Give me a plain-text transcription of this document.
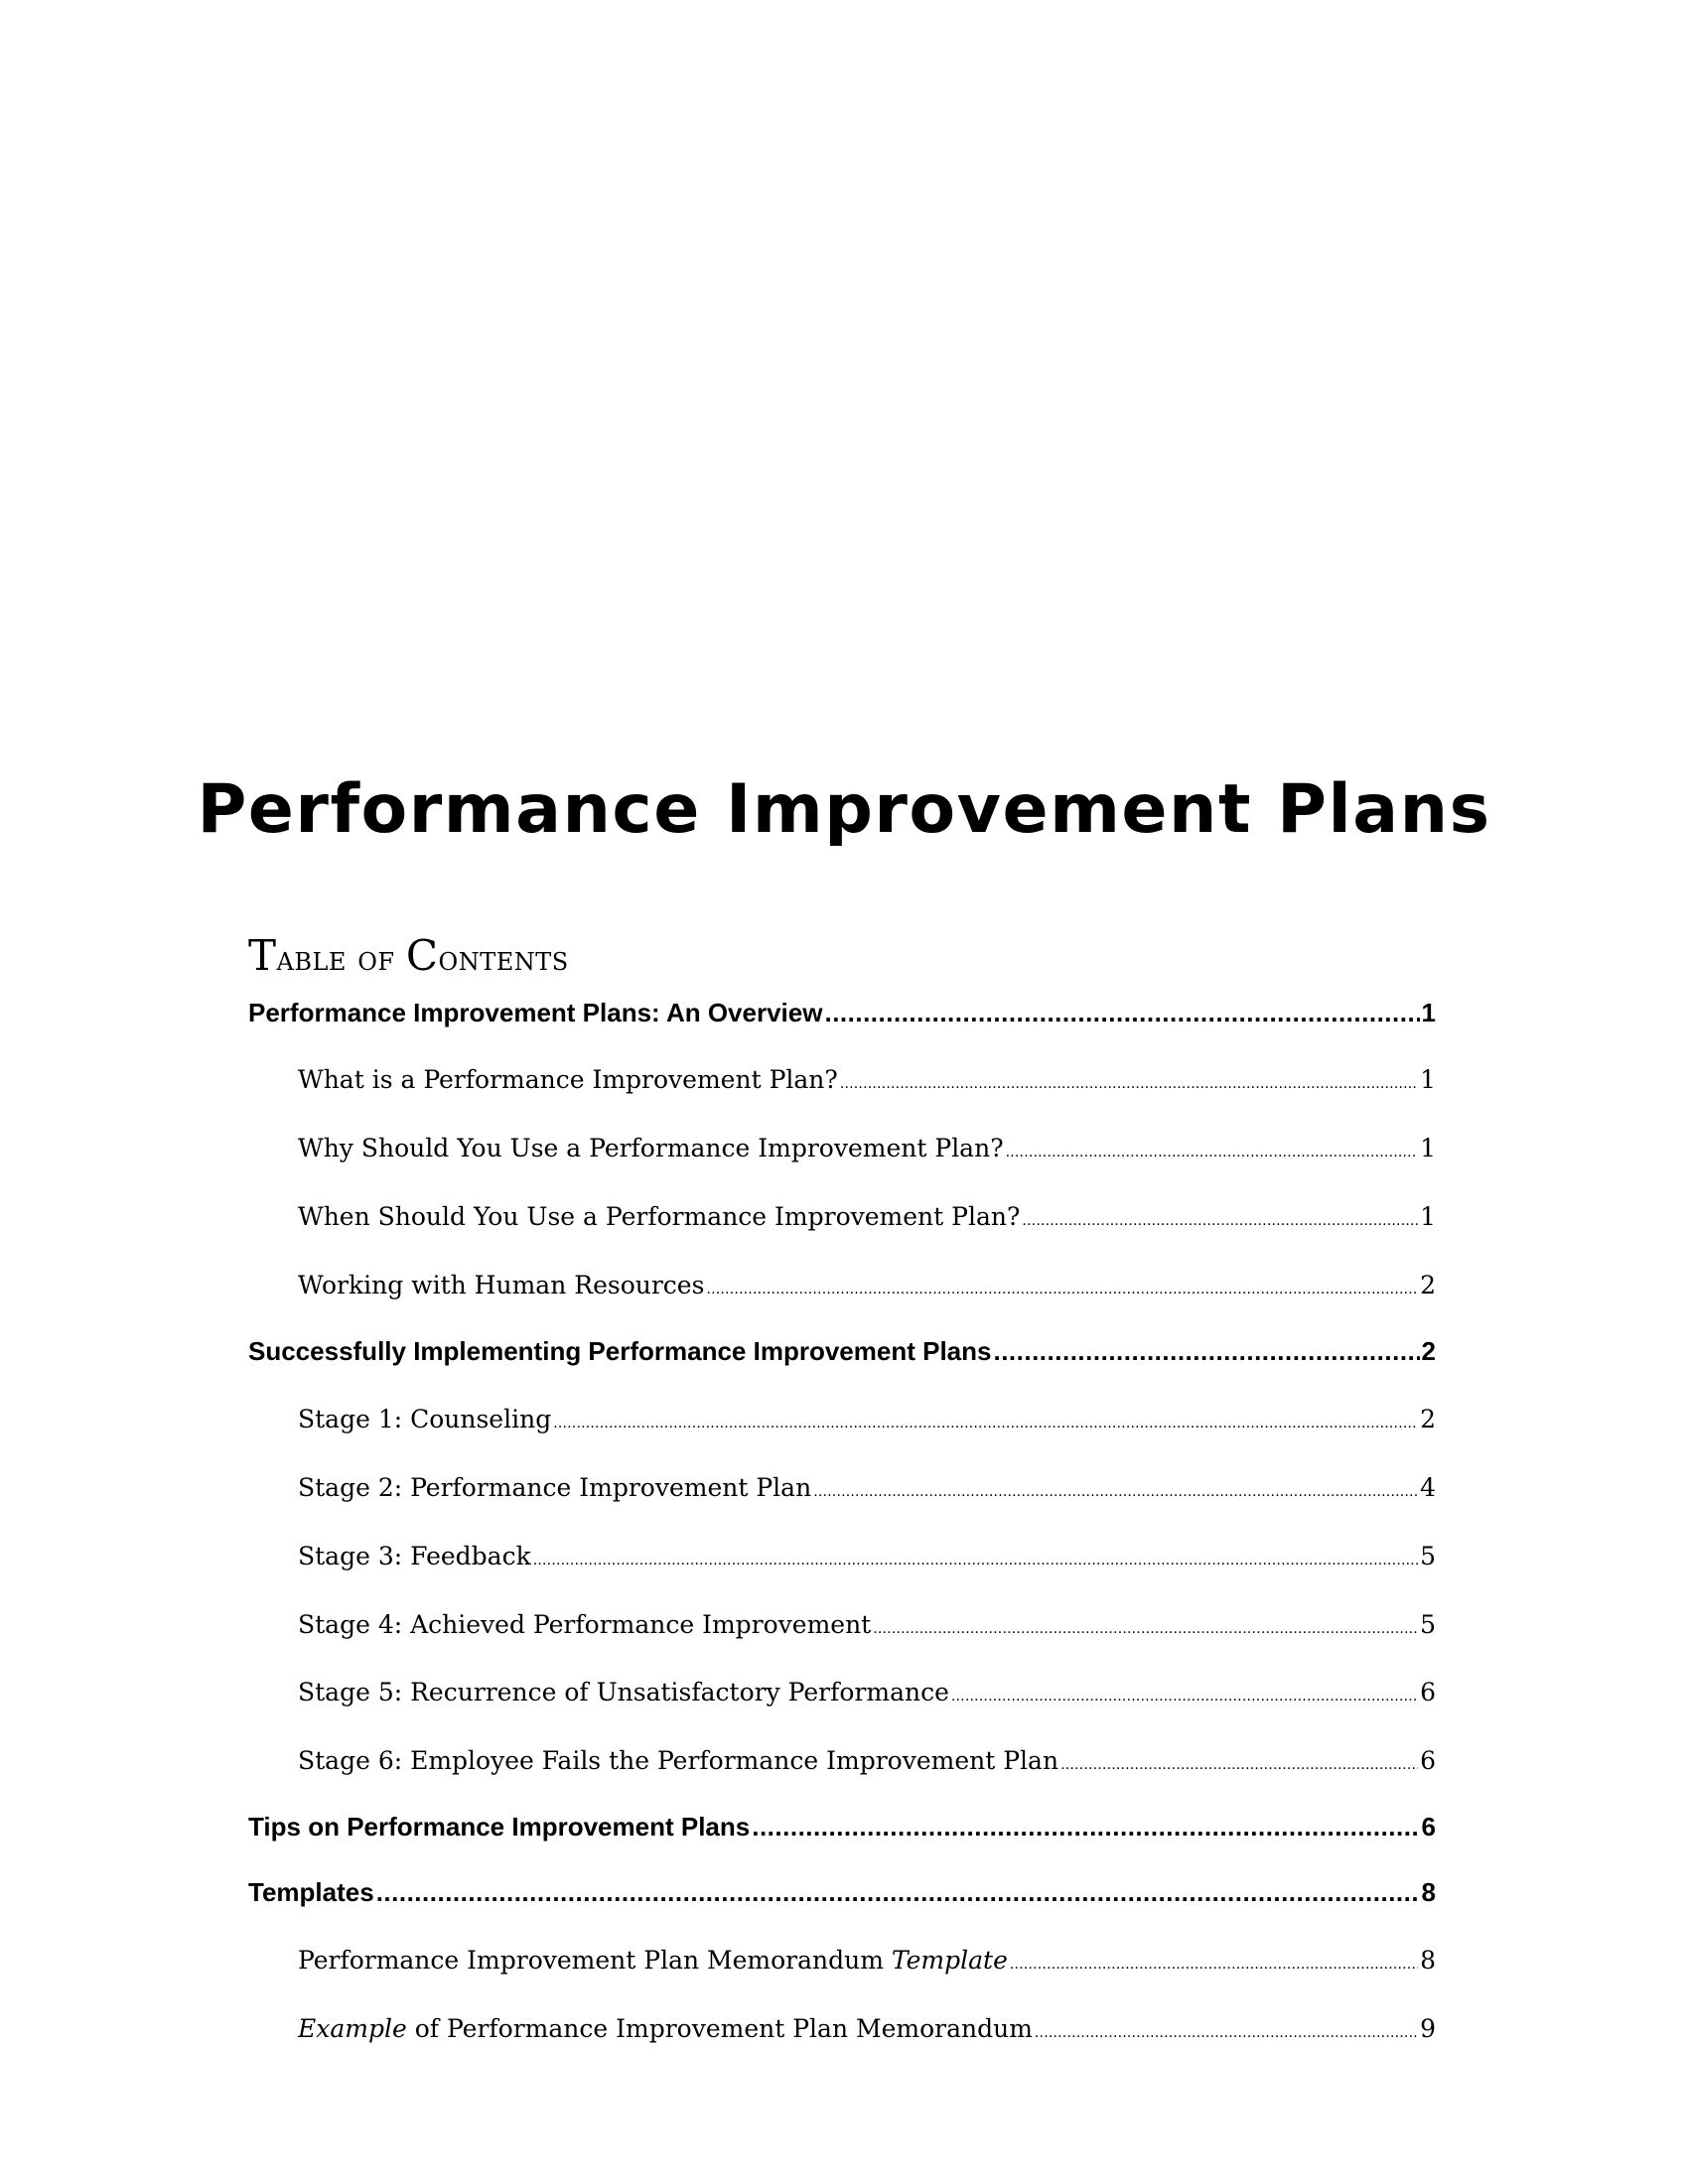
Performance Improvement Plans
Table of Contents
Performance Improvement Plans: An Overview .....	1
What is a Performance Improvement Plan? .....	1
Why Should You Use a Performance Improvement Plan? .....	1
When Should You Use a Performance Improvement Plan? .....	1
Working with Human Resources .....	2
Successfully Implementing Performance Improvement Plans .....	2
Stage 1: Counseling .....	2
Stage 2: Performance Improvement Plan .....	4
Stage 3: Feedback .....	5
Stage 4: Achieved Performance Improvement .....	5
Stage 5: Recurrence of Unsatisfactory Performance .....	6
Stage 6: Employee Fails the Performance Improvement Plan .....	6
Tips on Performance Improvement Plans .....	6
Templates .....	8
Performance Improvement Plan Memorandum Template .....	8
Example of Performance Improvement Plan Memorandum .....	9
